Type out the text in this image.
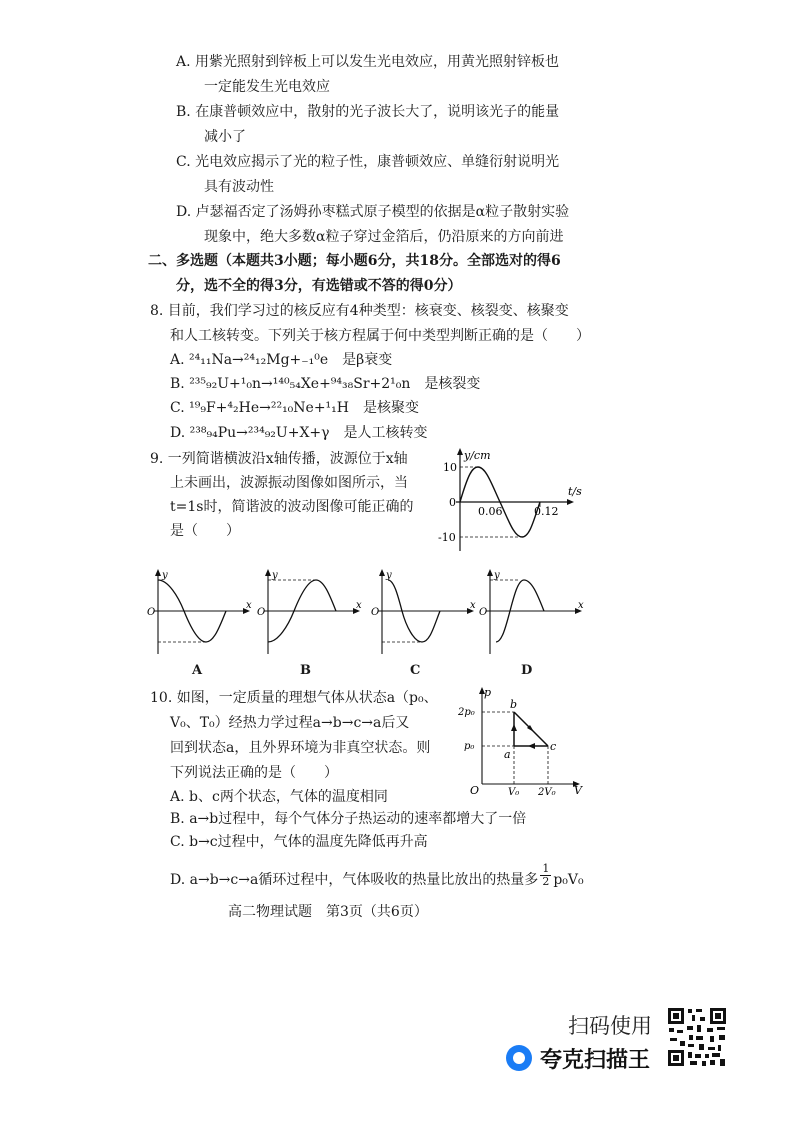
A. 用紫光照射到锌板上可以发生光电效应，用黄光照射锌板也
一定能发生光电效应
B. 在康普顿效应中，散射的光子波长大了，说明该光子的能量
减小了
C. 光电效应揭示了光的粒子性，康普顿效应、单缝衍射说明光
具有波动性
D. 卢瑟福否定了汤姆孙枣糕式原子模型的依据是α粒子散射实验
现象中，绝大多数α粒子穿过金箔后，仍沿原来的方向前进
二、多选题（本题共3小题；每小题6分，共18分。全部选对的得6
分，选不全的得3分，有选错或不答的得0分）
8. 目前，我们学习过的核反应有4种类型：核衰变、核裂变、核聚变
和人工核转变。下列关于核方程属于何中类型判断正确的是（　　）
A. ²⁴₁₁Na→²⁴₁₂Mg+₋₁⁰e　是β衰变
B. ²³⁵₉₂U+¹₀n→¹⁴⁰₅₄Xe+⁹⁴₃₈Sr+2¹₀n　是核裂变
C. ¹⁹₉F+⁴₂He→²²₁₀Ne+¹₁H　是核聚变
D. ²³⁸₉₄Pu→²³⁴₉₂U+X+γ　是人工核转变
9. 一列简谐横波沿x轴传播，波源位于x轴
上未画出，波源振动图像如图所示，当
t=1s时，简谐波的波动图像可能正确的
是（　　）
y/cm
t/s
0
10
-10
0.06	0.12
y
x
O
y
x
O
y
x
O
y
x
O
A	B	C	D
10. 如图，一定质量的理想气体从状态a（p₀、
V₀、T₀）经热力学过程a→b→c→a后又
回到状态a，且外界环境为非真空状态。则
下列说法正确的是（　　）
A. b、c两个状态，气体的温度相同
B. a→b过程中，每个气体分子热运动的速率都增大了一倍
C. b→c过程中，气体的温度先降低再升高
D. a→b→c→a循环过程中，气体吸收的热量比放出的热量多 $\frac{1}{2} p_0V_0$
p
V
O
2p₀
p₀
V₀ 2V₀
a
b
c
高二物理试题　第3页（共6页）
扫码使用
夸克扫描王
